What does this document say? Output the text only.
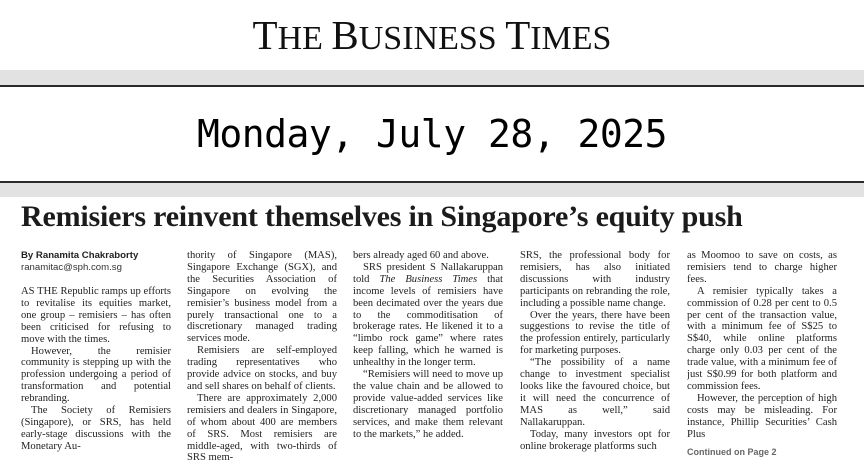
THE BUSINESS TIMES
Monday, July 28, 2025
Remisiers reinvent themselves in Singapore’s equity push
By Ranamita Chakraborty
ranamitac@sph.com.sg

AS THE Republic ramps up efforts to revitalise its equities market, one group – remisiers – has often been criticised for refusing to move with the times.

However, the remisier community is stepping up with the profession undergoing a period of transformation and potential rebranding.

The Society of Remisiers (Singapore), or SRS, has held early-stage discussions with the Monetary Au-

thority of Singapore (MAS), Singapore Exchange (SGX), and the Securities Association of Singapore on evolving the remisier’s business model from a purely transactional one to a discretionary managed trading services mode.

Remisiers are self-employed trading representatives who provide advice on stocks, and buy and sell shares on behalf of clients.

There are approximately 2,000 remisiers and dealers in Singapore, of whom about 400 are members of SRS. Most remisiers are middle-aged, with two-thirds of SRS mem-

bers already aged 60 and above.

SRS president S Nallakaruppan told The Business Times that income levels of remisiers have been decimated over the years due to the commoditisation of brokerage rates. He likened it to a “limbo rock game” where rates keep falling, which he warned is unhealthy in the longer term.

“Remisiers will need to move up the value chain and be allowed to provide value-added services like discretionary managed portfolio services, and make them relevant to the markets,” he added.

SRS, the professional body for remisiers, has also initiated discussions with industry participants on rebranding the role, including a possible name change.

Over the years, there have been suggestions to revise the title of the profession entirely, particularly for marketing purposes.

“The possibility of a name change to investment specialist looks like the favoured choice, but it will need the concurrence of MAS as well,” said Nallakaruppan.

Today, many investors opt for online brokerage platforms such

as Moomoo to save on costs, as remisiers tend to charge higher fees.

A remisier typically takes a commission of 0.28 per cent to 0.5 per cent of the transaction value, with a minimum fee of S$25 to S$40, while online platforms charge only 0.03 per cent of the trade value, with a minimum fee of just S$0.99 for both platform and commission fees.

However, the perception of high costs may be misleading. For instance, Phillip Securities’ Cash Plus

Continued on Page 2
